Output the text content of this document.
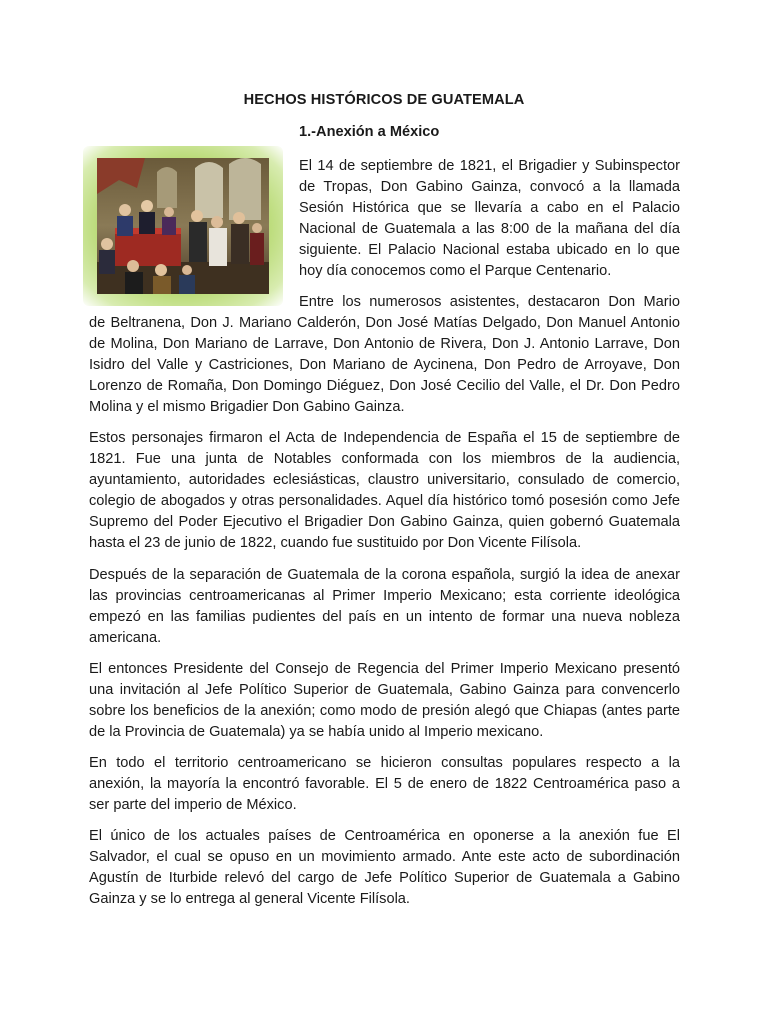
HECHOS HISTÓRICOS DE GUATEMALA
1.-Anexión a México

El 14 de septiembre de 1821, el Brigadier y Subinspector de Tropas, Don Gabino Gainza, convocó a la llamada Sesión Histórica que se llevaría a cabo en el Palacio Nacional de Guatemala a las 8:00 de la mañana del día siguiente. El Palacio Nacional estaba ubicado en lo que hoy día conocemos como el Parque Centenario.

Entre los numerosos asistentes, destacaron Don Mario

de Beltranena, Don J. Mariano Calderón, Don José Matías Delgado, Don Manuel Antonio de Molina, Don Mariano de Larrave, Don Antonio de Rivera, Don J. Antonio Larrave, Don Isidro del Valle y Castriciones, Don Mariano de Aycinena, Don Pedro de Arroyave, Don Lorenzo de Romaña, Don Domingo Diéguez, Don José Cecilio del Valle, el Dr. Don Pedro Molina y el mismo Brigadier Don Gabino Gainza.

Estos personajes firmaron el Acta de Independencia de España el 15 de septiembre de 1821. Fue una junta de Notables conformada con los miembros de la audiencia, ayuntamiento, autoridades eclesiásticas, claustro universitario, consulado de comercio, colegio de abogados y otras personalidades. Aquel día histórico tomó posesión como Jefe Supremo del Poder Ejecutivo el Brigadier Don Gabino Gainza, quien gobernó Guatemala hasta el 23 de junio de 1822, cuando fue sustituido por Don Vicente Filísola.

Después de la separación de Guatemala de la corona española, surgió la idea de anexar las provincias centroamericanas al Primer Imperio Mexicano; esta corriente ideológica empezó en las familias pudientes del país en un intento de formar una nueva nobleza americana.

El entonces Presidente del Consejo de Regencia del Primer Imperio Mexicano presentó una invitación al Jefe Político Superior de Guatemala, Gabino Gainza para convencerlo sobre los beneficios de la anexión; como modo de presión alegó que Chiapas (antes parte de la Provincia de Guatemala) ya se había unido al Imperio mexicano.

En todo el territorio centroamericano se hicieron consultas populares respecto a la anexión, la mayoría la encontró favorable. El 5 de enero de 1822 Centroamérica paso a ser parte del imperio de México.

El único de los actuales países de Centroamérica en oponerse a la anexión fue El Salvador, el cual se opuso en un movimiento armado. Ante este acto de subordinación Agustín de Iturbide relevó del cargo de Jefe Político Superior de Guatemala a Gabino Gainza y se lo entrega al general Vicente Filísola.
